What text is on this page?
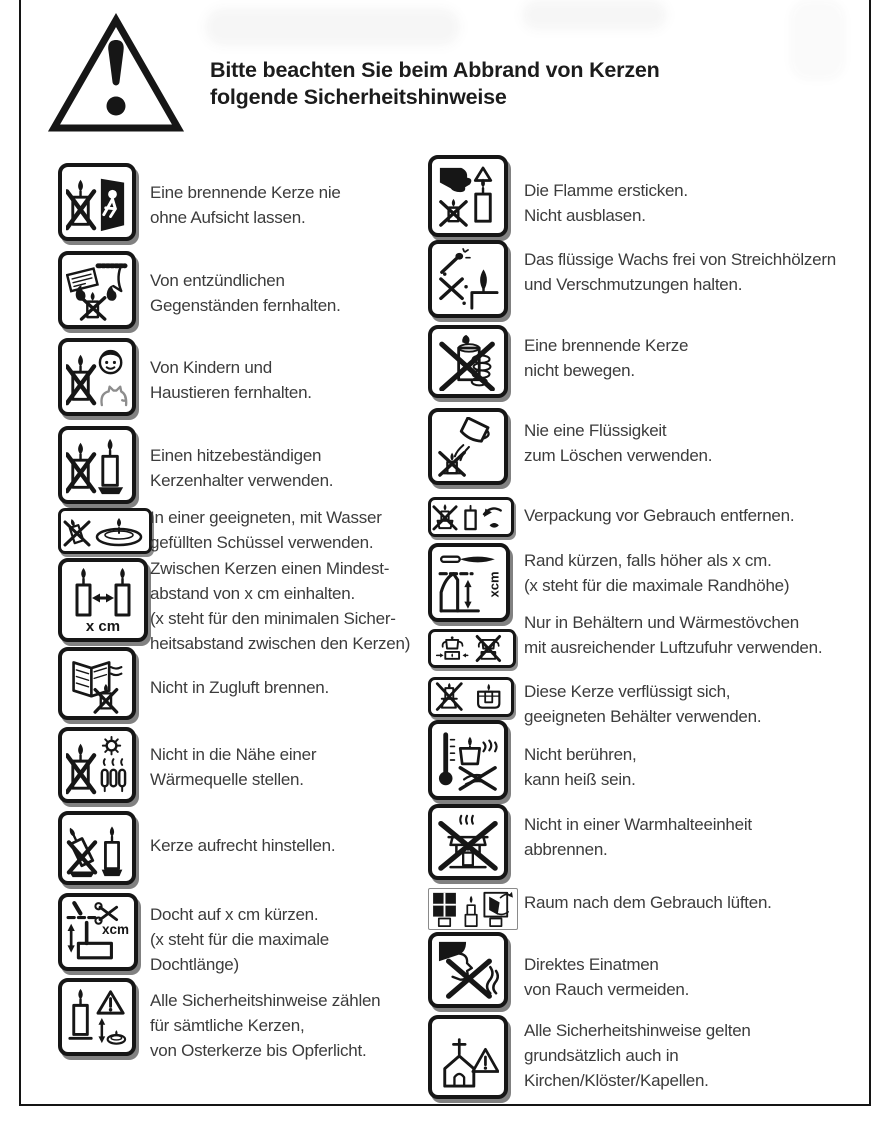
Bitte beachten Sie beim Abbrand von Kerzen
folgende Sicherheitshinweise
Eine brennende Kerze nie
ohne Aufsicht lassen.
Von entzündlichen
Gegenständen fernhalten.
Von Kindern und
Haustieren fernhalten.
Einen hitzebeständigen
Kerzenhalter verwenden.
In einer geeigneten, mit Wasser
gefüllten Schüssel verwenden.
x cm
Zwischen Kerzen einen Mindest-
abstand von x cm einhalten.
(x steht für den minimalen Sicher-
heitsabstand zwischen den Kerzen)
Nicht in Zugluft brennen.
Nicht in die Nähe einer
Wärmequelle stellen.
Kerze aufrecht hinstellen.
xcm
Docht auf x cm kürzen.
(x steht für die maximale
Dochtlänge)
Alle Sicherheitshinweise zählen
für sämtliche Kerzen,
von Osterkerze bis Opferlicht.
Die Flamme ersticken.
Nicht ausblasen.
Das flüssige Wachs frei von Streichhölzern
und Verschmutzungen halten.
Eine brennende Kerze
nicht bewegen.
Nie eine Flüssigkeit
zum Löschen verwenden.
Verpackung vor Gebrauch entfernen.
xcm
Rand kürzen, falls höher als x cm.
(x steht für die maximale Randhöhe)
Nur in Behältern und Wärmestövchen
mit ausreichender Luftzufuhr verwenden.
Diese Kerze verflüssigt sich,
geeigneten Behälter verwenden.
Nicht berühren,
kann heiß sein.
Nicht in einer Warmhalteeinheit
abbrennen.
Raum nach dem Gebrauch lüften.
Direktes Einatmen
von Rauch vermeiden.
Alle Sicherheitshinweise gelten
grundsätzlich auch in
Kirchen/Klöster/Kapellen.
